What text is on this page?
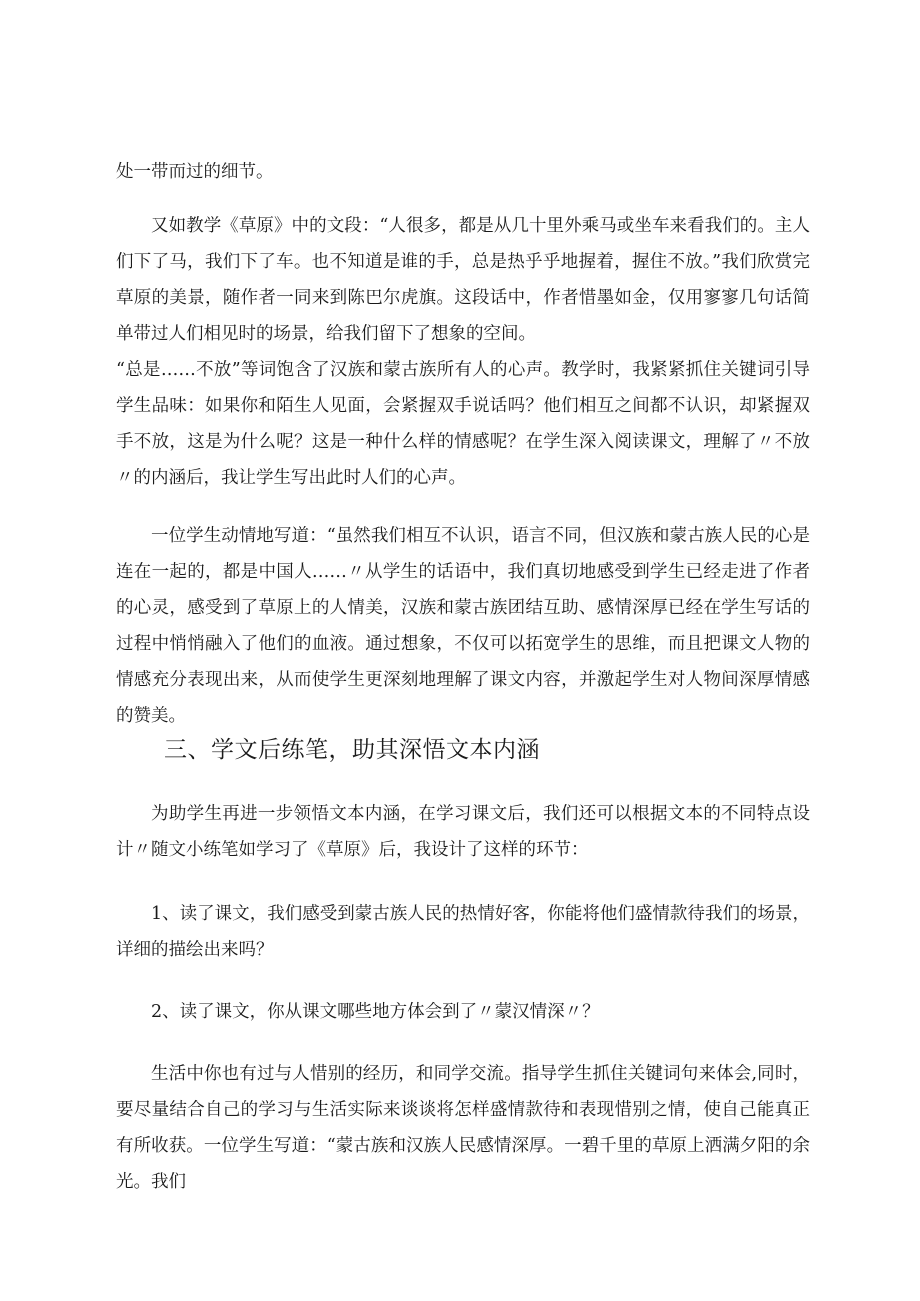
处一带而过的细节。

又如教学《草原》中的文段：“人很多，都是从几十里外乘马或坐车来看我们的。主人们下了马，我们下了车。也不知道是谁的手，总是热乎乎地握着，握住不放。”我们欣赏完草原的美景，随作者一同来到陈巴尔虎旗。这段话中，作者惜墨如金，仅用寥寥几句话简单带过人们相见时的场景，给我们留下了想象的空间。

“总是……不放”等词饱含了汉族和蒙古族所有人的心声。教学时，我紧紧抓住关键词引导学生品味：如果你和陌生人见面，会紧握双手说话吗？他们相互之间都不认识，却紧握双手不放，这是为什么呢？这是一种什么样的情感呢？在学生深入阅读课文，理解了〃不放〃的内涵后，我让学生写出此时人们的心声。

一位学生动情地写道：“虽然我们相互不认识，语言不同，但汉族和蒙古族人民的心是连在一起的，都是中国人……〃从学生的话语中，我们真切地感受到学生已经走进了作者的心灵，感受到了草原上的人情美，汉族和蒙古族团结互助、感情深厚已经在学生写话的过程中悄悄融入了他们的血液。通过想象，不仅可以拓宽学生的思维，而且把课文人物的情感充分表现出来，从而使学生更深刻地理解了课文内容，并激起学生对人物间深厚情感的赞美。

三、学文后练笔，助其深悟文本内涵

为助学生再进一步领悟文本内涵，在学习课文后，我们还可以根据文本的不同特点设计〃随文小练笔如学习了《草原》后，我设计了这样的环节：

1、读了课文，我们感受到蒙古族人民的热情好客，你能将他们盛情款待我们的场景，详细的描绘出来吗？

2、读了课文，你从课文哪些地方体会到了〃蒙汉情深〃？

生活中你也有过与人惜别的经历，和同学交流。指导学生抓住关键词句来体会,同时，要尽量结合自己的学习与生活实际来谈谈将怎样盛情款待和表现惜别之情，使自己能真正有所收获。一位学生写道：“蒙古族和汉族人民感情深厚。一碧千里的草原上洒满夕阳的余光。我们
